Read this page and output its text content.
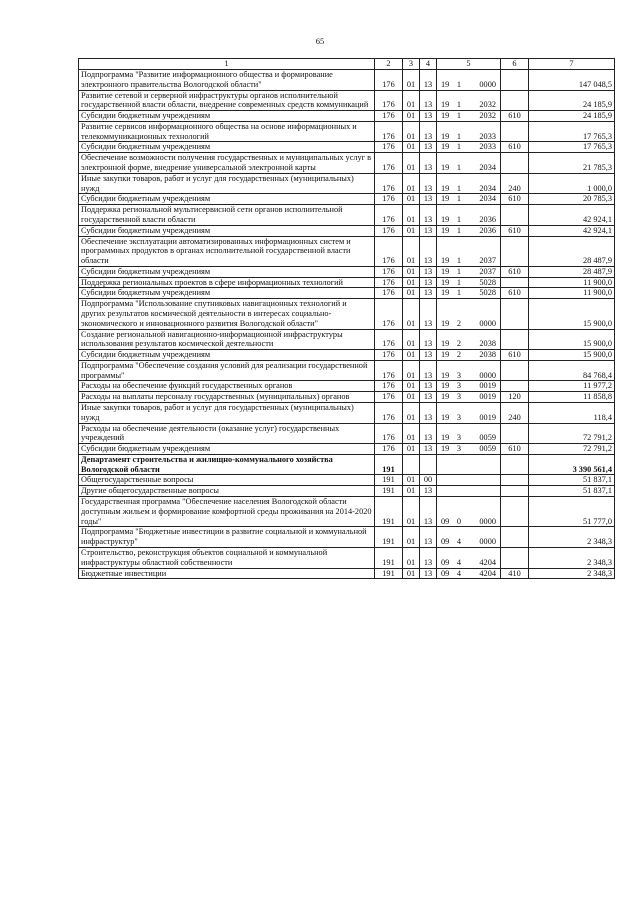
65
1	2	3	4	5	6	7
Подпрограмма "Развитие информационного общества и формирование электронного правительства Вологодской области"	176	01	13	19 1 0000		147 048,5
Развитие сетевой и серверной инфраструктуры органов исполнительной государственной власти области, внедрение современных средств коммуникаций	176	01	13	19 1 2032		24 185,9
Субсидии бюджетным учреждениям	176	01	13	19 1 2032	610	24 185,9
Развитие сервисов информационного общества на основе информационных и телекоммуникационных технологий	176	01	13	19 1 2033		17 765,3
Субсидии бюджетным учреждениям	176	01	13	19 1 2033	610	17 765,3
Обеспечение возможности получения государственных и муниципальных услуг в электронной форме, внедрение универсальной электронной карты	176	01	13	19 1 2034		21 785,3
Иные закупки товаров, работ и услуг для государственных (муниципальных) нужд	176	01	13	19 1 2034	240	1 000,0
Субсидии бюджетным учреждениям	176	01	13	19 1 2034	610	20 785,3
Поддержка региональной мультисервисной сети органов исполнительной государственной власти области	176	01	13	19 1 2036		42 924,1
Субсидии бюджетным учреждениям	176	01	13	19 1 2036	610	42 924,1
Обеспечение эксплуатации автоматизированных информационных систем и программных продуктов в органах исполнительной государственной власти области	176	01	13	19 1 2037		28 487,9
Субсидии бюджетным учреждениям	176	01	13	19 1 2037	610	28 487,9
Поддержка региональных проектов в сфере информационных технологий	176	01	13	19 1 5028		11 900,0
Субсидии бюджетным учреждениям	176	01	13	19 1 5028	610	11 900,0
Подпрограмма "Использование спутниковых навигационных технологий и других результатов космической деятельности в интересах социально-экономического и инновационного развития Вологодской области"	176	01	13	19 2 0000		15 900,0
Создание региональной навигационно-информационной инфраструктуры использования результатов космической деятельности	176	01	13	19 2 2038		15 900,0
Субсидии бюджетным учреждениям	176	01	13	19 2 2038	610	15 900,0
Подпрограмма "Обеспечение создания условий для реализации государственной программы"	176	01	13	19 3 0000		84 768,4
Расходы на обеспечение функций государственных органов	176	01	13	19 3 0019		11 977,2
Расходы на выплаты персоналу государственных (муниципальных) органов	176	01	13	19 3 0019	120	11 858,8
Иные закупки товаров, работ и услуг для государственных (муниципальных) нужд	176	01	13	19 3 0019	240	118,4
Расходы на обеспечение деятельности (оказание услуг) государственных учреждений	176	01	13	19 3 0059		72 791,2
Субсидии бюджетным учреждениям	176	01	13	19 3 0059	610	72 791,2
Департамент строительства и жилищно-коммунального хозяйства Вологодской области	191					3 390 561,4
Общегосударственные вопросы	191	01	00			51 837,1
Другие общегосударственные вопросы	191	01	13			51 837,1
Государственная программа "Обеспечение населения Вологодской области доступным жильем и формирование комфортной среды проживания на 2014-2020 годы"	191	01	13	09 0 0000		51 777,0
Подпрограмма "Бюджетные инвестиции в развитие социальной и коммунальной инфраструктур"	191	01	13	09 4 0000		2 348,3
Строительство, реконструкция объектов социальной и коммунальной инфраструктуры областной собственности	191	01	13	09 4 4204		2 348,3
Бюджетные инвестиции	191	01	13	09 4 4204	410	2 348,3
